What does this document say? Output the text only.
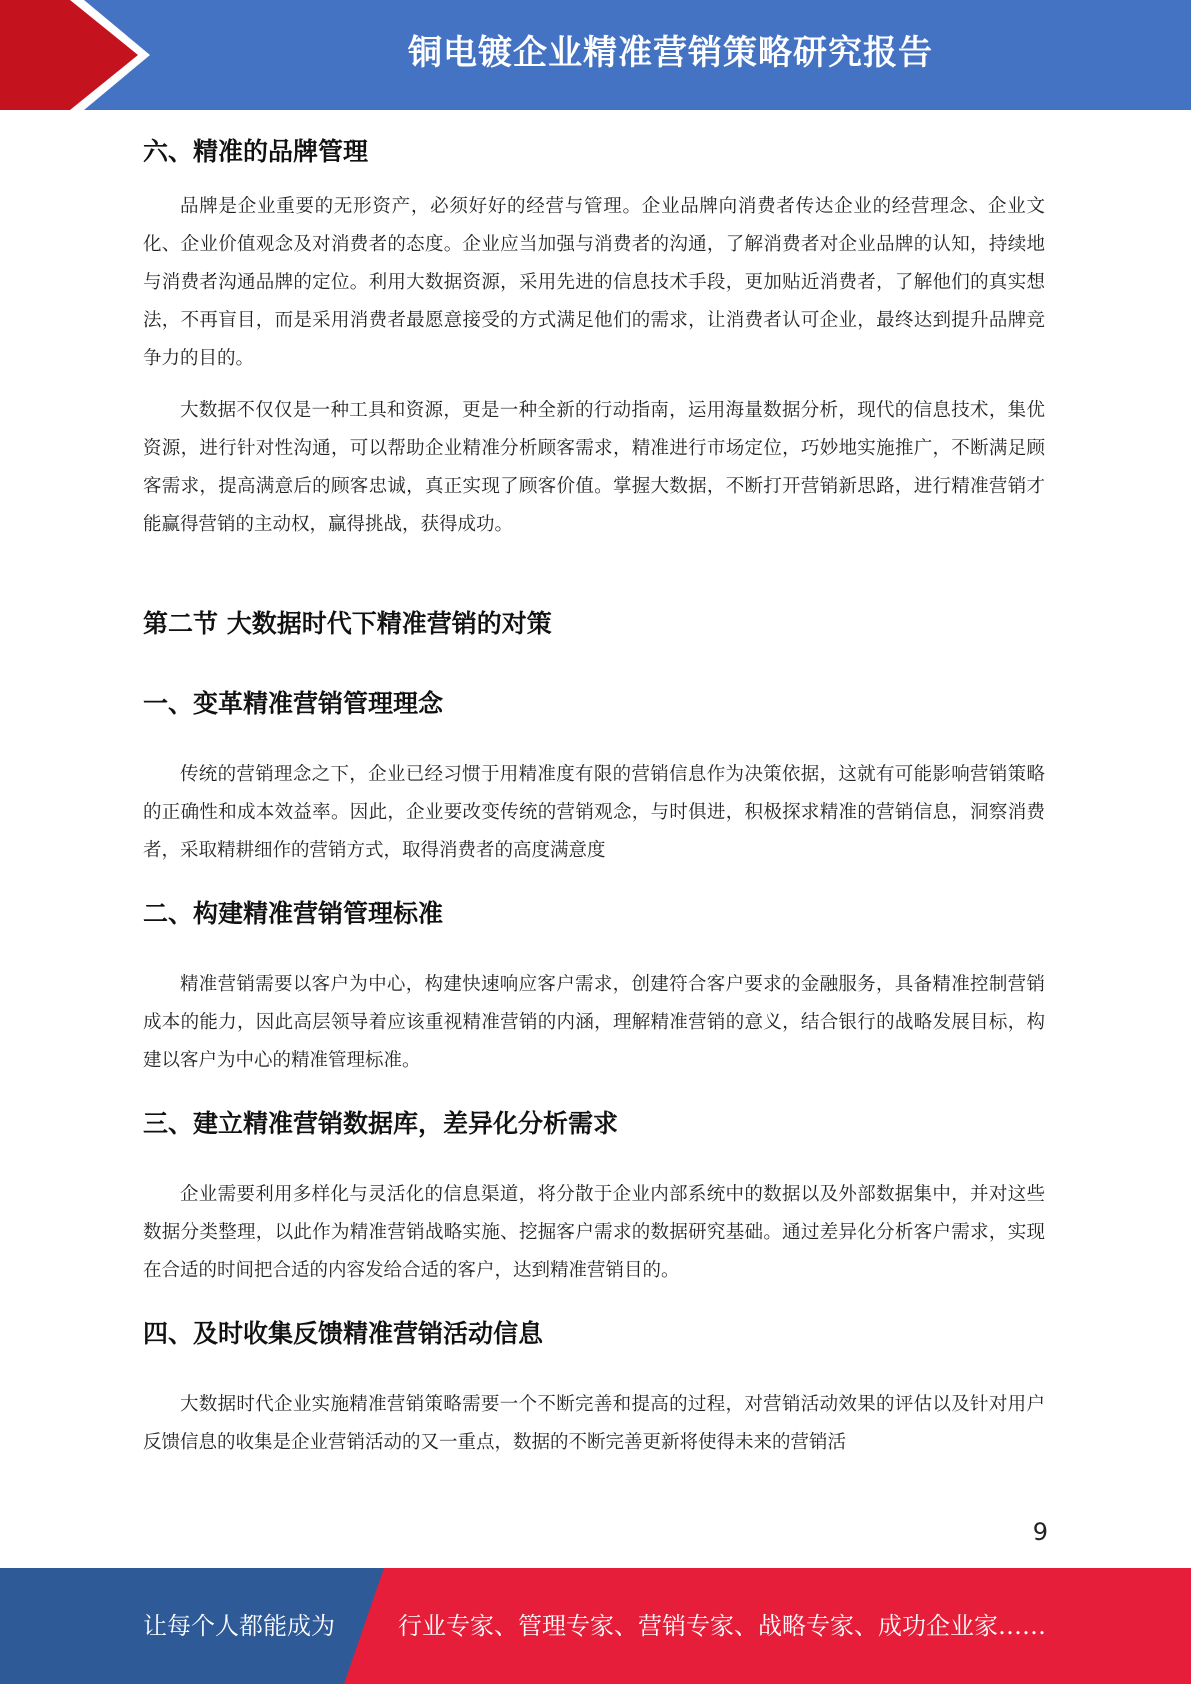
铜电镀企业精准营销策略研究报告
六、精准的品牌管理

品牌是企业重要的无形资产，必须好好的经营与管理。企业品牌向消费者传达企业的经营理念、企业文化、企业价值观念及对消费者的态度。企业应当加强与消费者的沟通，了解消费者对企业品牌的认知，持续地与消费者沟通品牌的定位。利用大数据资源，采用先进的信息技术手段，更加贴近消费者，了解他们的真实想法，不再盲目，而是采用消费者最愿意接受的方式满足他们的需求，让消费者认可企业，最终达到提升品牌竞争力的目的。

大数据不仅仅是一种工具和资源，更是一种全新的行动指南，运用海量数据分析，现代的信息技术，集优资源，进行针对性沟通，可以帮助企业精准分析顾客需求，精准进行市场定位，巧妙地实施推广，不断满足顾客需求，提高满意后的顾客忠诚，真正实现了顾客价值。掌握大数据，不断打开营销新思路，进行精准营销才能赢得营销的主动权，赢得挑战，获得成功。

第二节 大数据时代下精准营销的对策
一、变革精准营销管理理念

传统的营销理念之下，企业已经习惯于用精准度有限的营销信息作为决策依据，这就有可能影响营销策略的正确性和成本效益率。因此，企业要改变传统的营销观念，与时俱进，积极探求精准的营销信息，洞察消费者，采取精耕细作的营销方式，取得消费者的高度满意度

二、构建精准营销管理标准

精准营销需要以客户为中心，构建快速响应客户需求，创建符合客户要求的金融服务，具备精准控制营销成本的能力，因此高层领导着应该重视精准营销的内涵，理解精准营销的意义，结合银行的战略发展目标，构建以客户为中心的精准管理标准。

三、建立精准营销数据库，差异化分析需求

企业需要利用多样化与灵活化的信息渠道，将分散于企业内部系统中的数据以及外部数据集中，并对这些数据分类整理，以此作为精准营销战略实施、挖掘客户需求的数据研究基础。通过差异化分析客户需求，实现在合适的时间把合适的内容发给合适的客户，达到精准营销目的。

四、及时收集反馈精准营销活动信息

大数据时代企业实施精准营销策略需要一个不断完善和提高的过程，对营销活动效果的评估以及针对用户反馈信息的收集是企业营销活动的又一重点，数据的不断完善更新将使得未来的营销活

9
让每个人都能成为	行业专家、管理专家、营销专家、战略专家、成功企业家……
